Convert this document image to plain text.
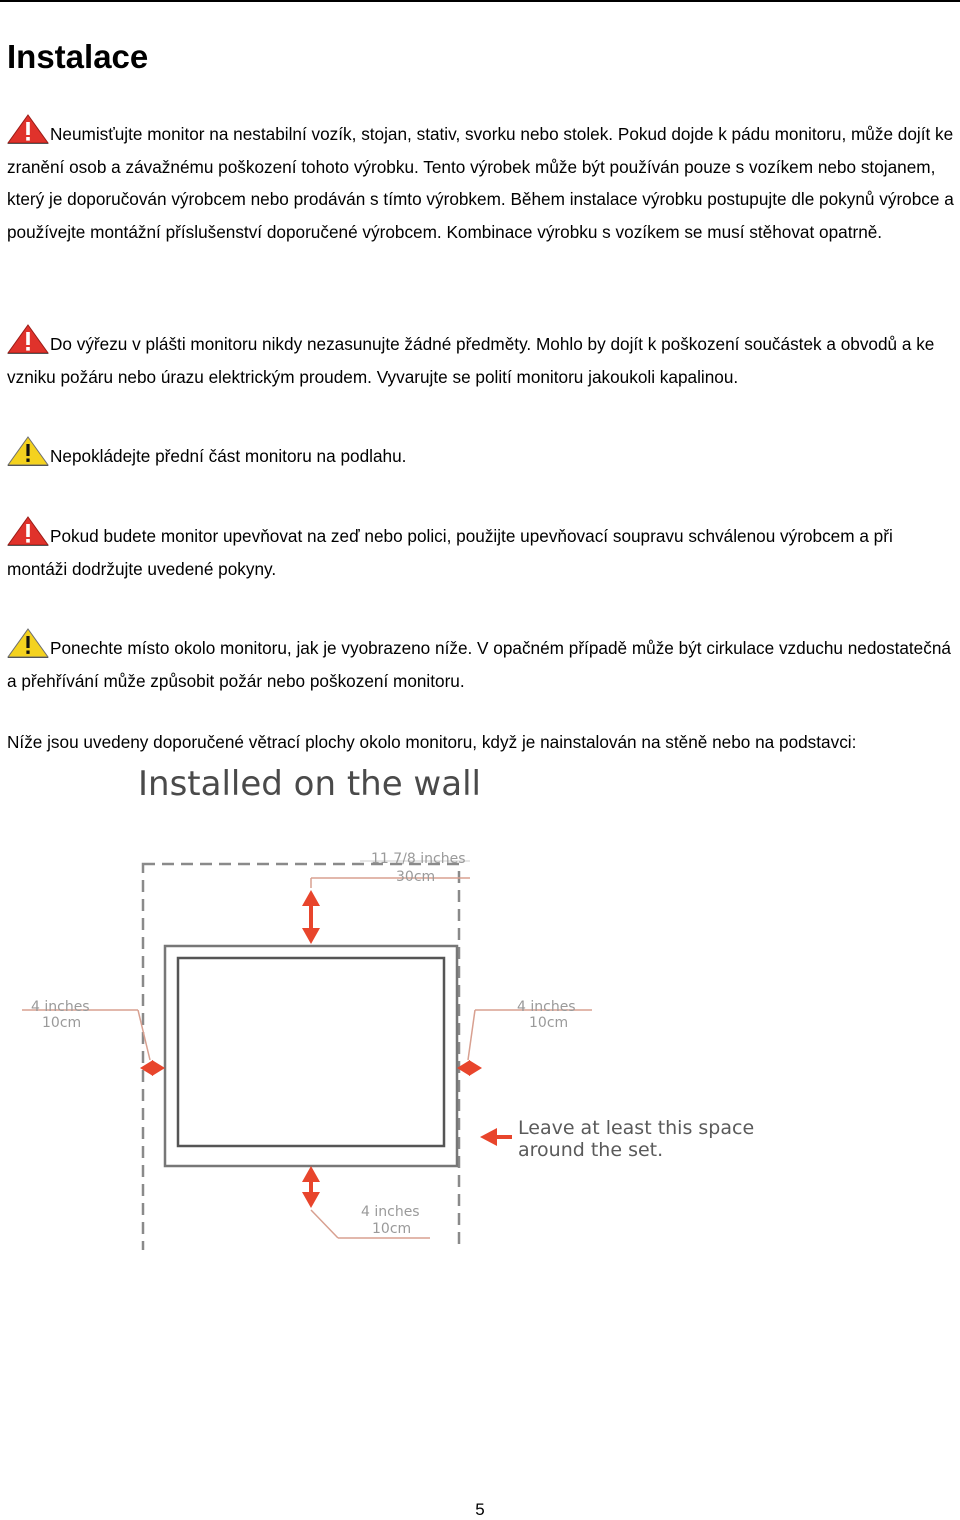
Instalace

Neumisťujte monitor na nestabilní vozík, stojan, stativ, svorku nebo stolek. Pokud dojde k pádu monitoru, může dojít ke zranění osob a závažnému poškození tohoto výrobku. Tento výrobek může být používán pouze s vozíkem nebo stojanem, který je doporučován výrobcem nebo prodáván s tímto výrobkem. Během instalace výrobku postupujte dle pokynů výrobce a používejte montážní příslušenství doporučené výrobcem. Kombinace výrobku s vozíkem se musí stěhovat opatrně.

Do výřezu v plášti monitoru nikdy nezasunujte žádné předměty. Mohlo by dojít k poškození součástek a obvodů a ke vzniku požáru nebo úrazu elektrickým proudem. Vyvarujte se polití monitoru jakoukoli kapalinou.

Nepokládejte přední část monitoru na podlahu.

Pokud budete monitor upevňovat na zeď nebo polici, použijte upevňovací soupravu schválenou výrobcem a při montáži dodržujte uvedené pokyny.

Ponechte místo okolo monitoru, jak je vyobrazeno níže. V opačném případě může být cirkulace vzduchu nedostatečná a přehřívání může způsobit požár nebo poškození monitoru.

Níže jsou uvedeny doporučené větrací plochy okolo monitoru, když je nainstalován na stěně nebo na podstavci:

Installed on the wall
11 7/8 inches
30cm
4 inches
10cm
4 inches
10cm
4 inches
10cm
Leave at least this space
around the set.
5
